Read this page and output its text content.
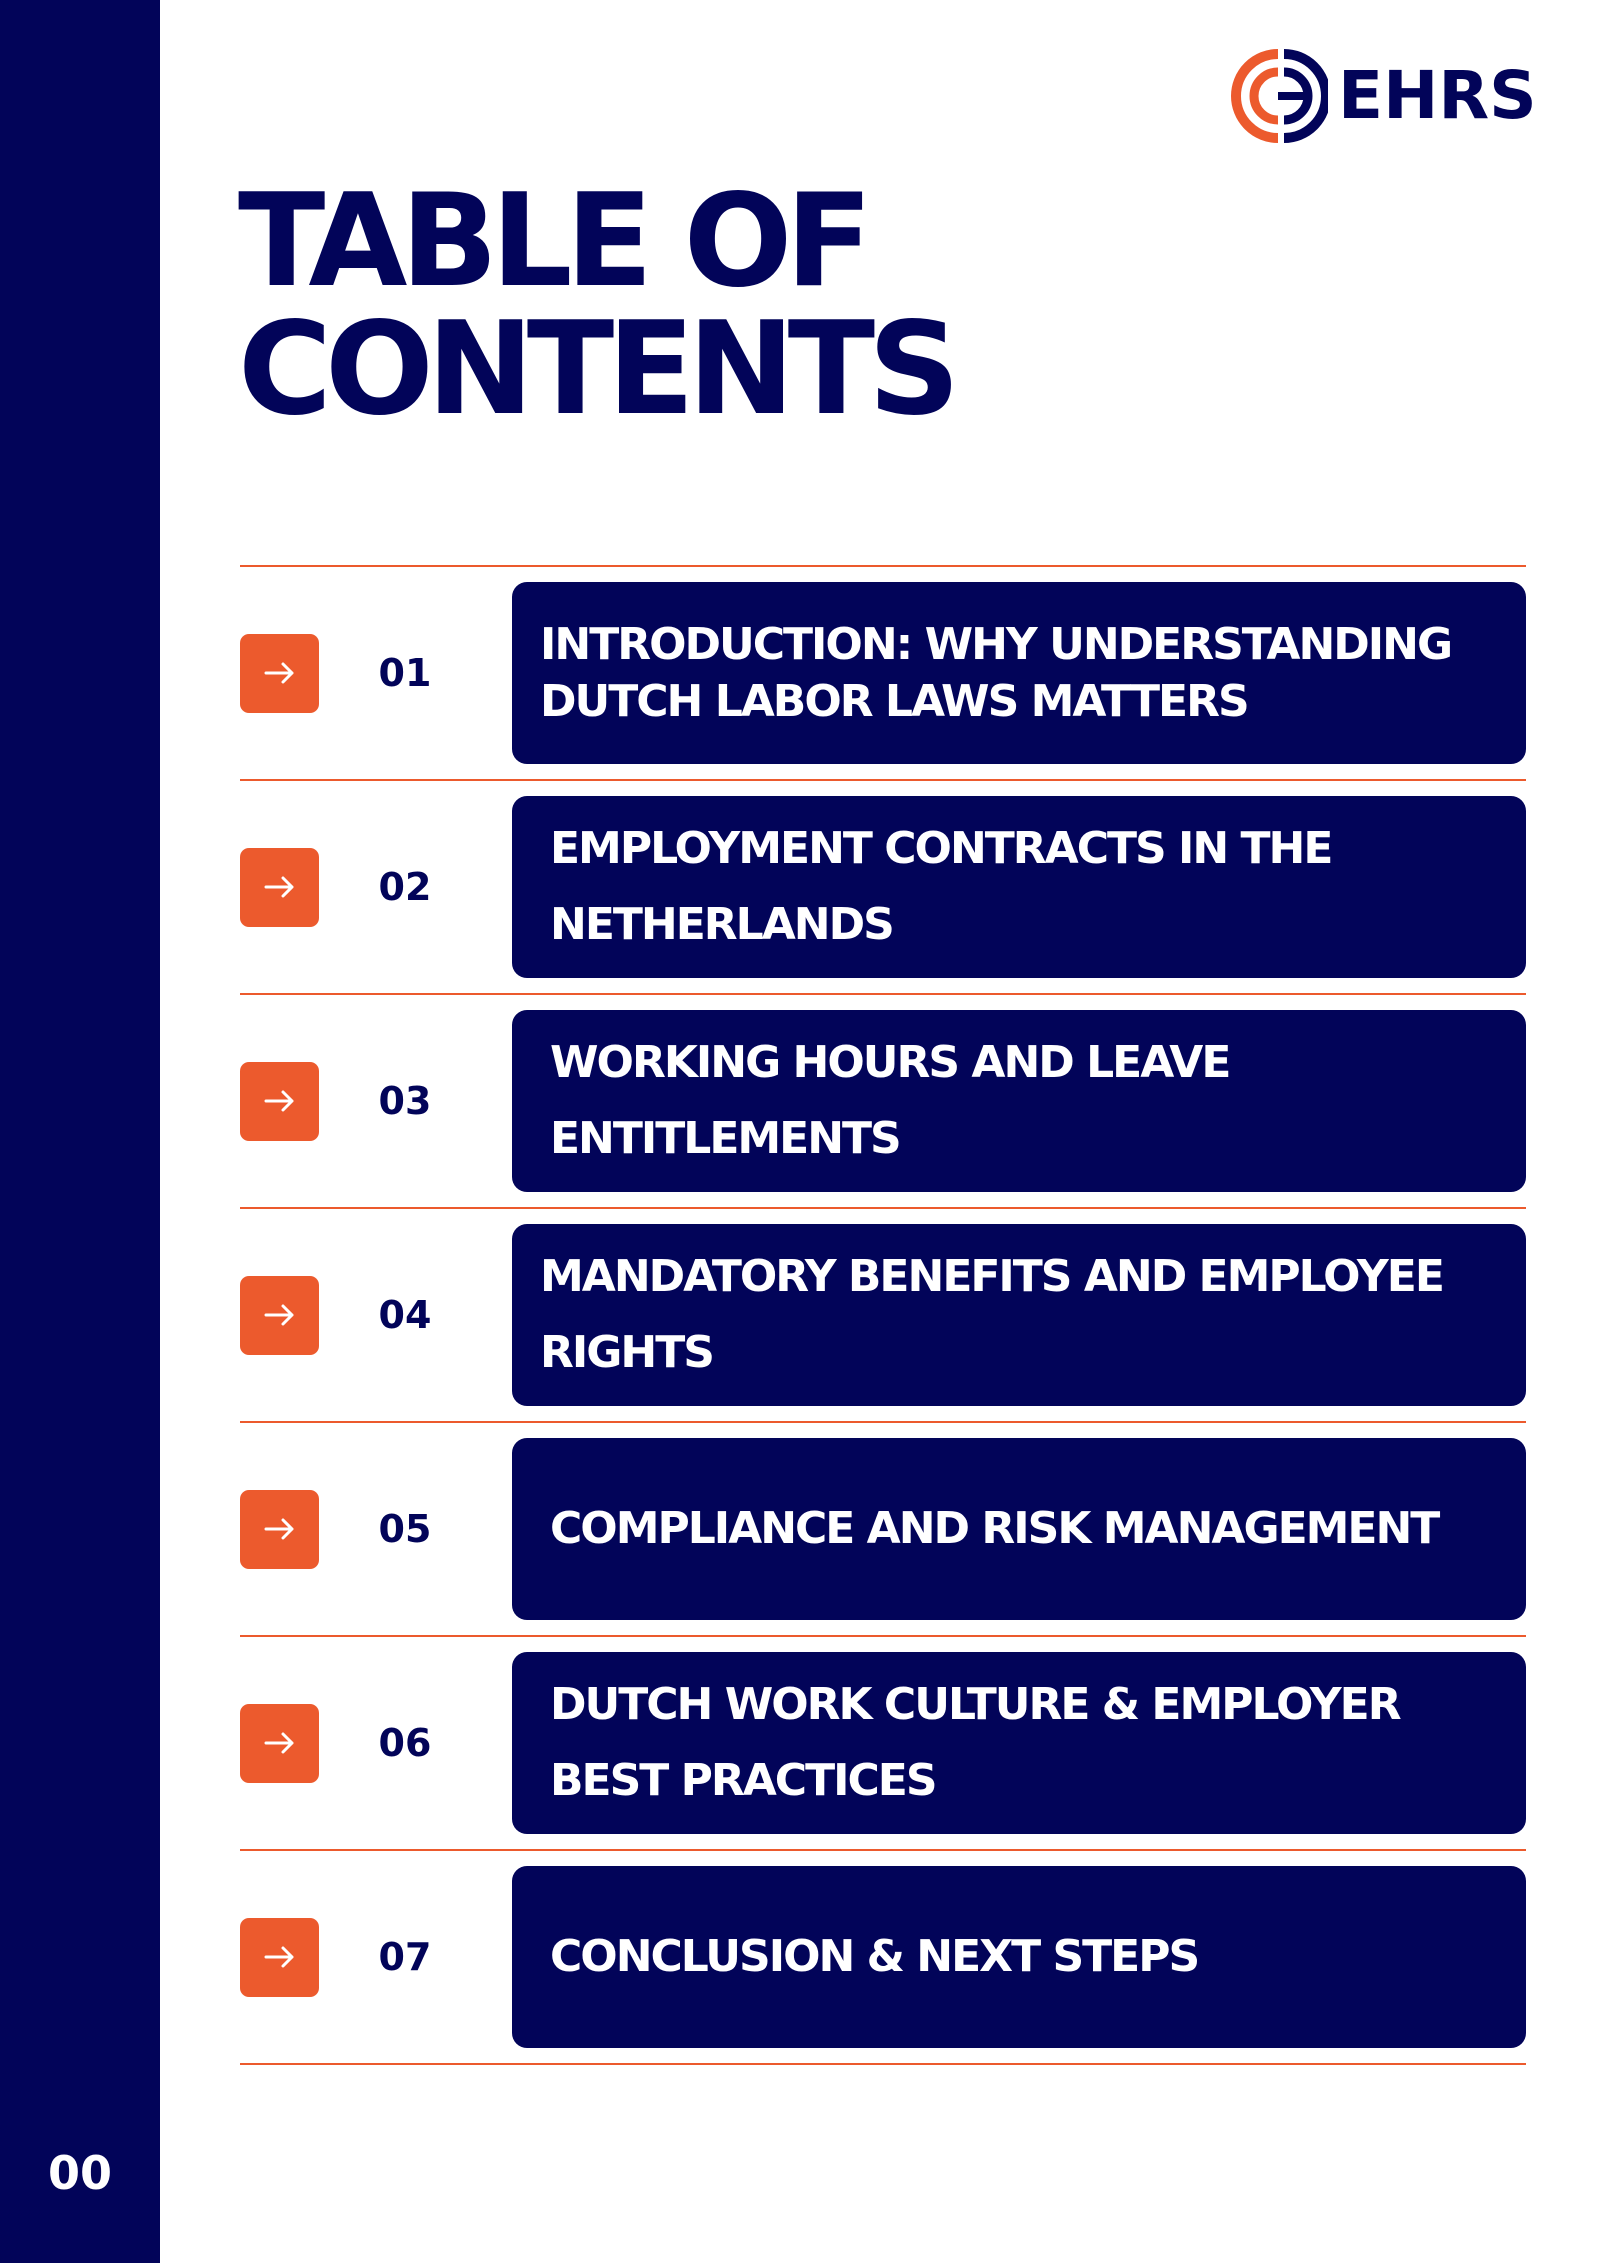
00
EHRS
TABLE OF
CONTENTS
01
INTRODUCTION: WHY UNDERSTANDING DUTCH LABOR LAWS MATTERS
02
EMPLOYMENT CONTRACTS IN THE NETHERLANDS
03
WORKING HOURS AND LEAVE ENTITLEMENTS
04
MANDATORY BENEFITS AND EMPLOYEE RIGHTS
05	COMPLIANCE AND RISK MANAGEMENT
06
DUTCH WORK CULTURE & EMPLOYER BEST PRACTICES
07	CONCLUSION & NEXT STEPS
